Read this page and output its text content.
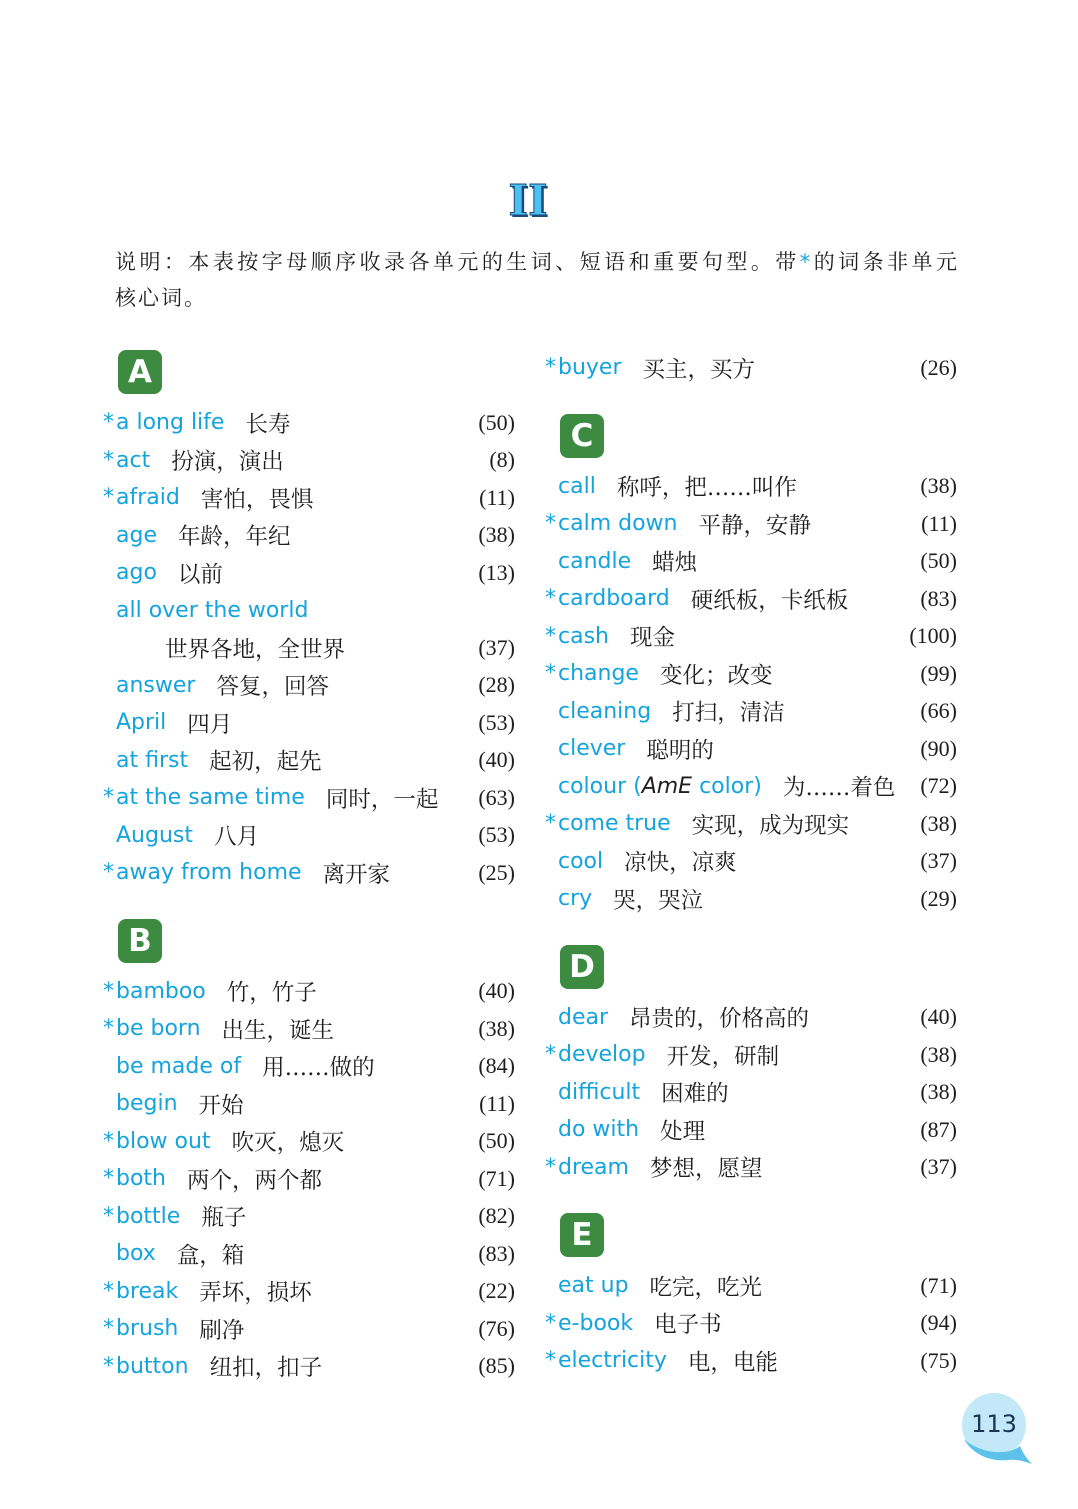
II
说明：本表按字母顺序收录各单元的生词、短语和重要句型。带*的词条非单元
核心词。
A
* a long life 长寿	(50)
* act 扮演，演出	(8)
* afraid 害怕，畏惧	(11)
age 年龄，年纪	(38)
ago 以前	(13)
all over the world
世界各地，全世界	(37)
answer 答复，回答	(28)
April 四月	(53)
at first 起初，起先	(40)
* at the same time 同时，一起 (63)
August 八月	(53)
* away from home 离开家	(25)
B
* bamboo 竹，竹子	(40)
* be born 出生，诞生	(38)
be made of 用……做的	(84)
begin 开始	(11)
* blow out 吹灭，熄灭	(50)
* both 两个，两个都	(71)
* bottle 瓶子	(82)
box 盒，箱	(83)
* break 弄坏，损坏	(22)
* brush 刷净	(76)
* button 纽扣，扣子	(85)
* buyer 买主，买方	(26)
C
call 称呼，把……叫作	(38)
* calm down 平静，安静	(11)
candle 蜡烛	(50)
* cardboard 硬纸板，卡纸板	(83)
* cash 现金	(100)
* change 变化；改变	(99)
cleaning 打扫，清洁	(66)
clever 聪明的	(90)
colour (AmE color) 为……着色 (72)
* come true 实现，成为现实	(38)
cool 凉快，凉爽	(37)
cry 哭，哭泣	(29)
D
dear 昂贵的，价格高的	(40)
* develop 开发，研制	(38)
difficult 困难的	(38)
do with 处理	(87)
* dream 梦想，愿望	(37)
E
eat up 吃完，吃光	(71)
* e-book 电子书	(94)
* electricity 电，电能	(75)
113
